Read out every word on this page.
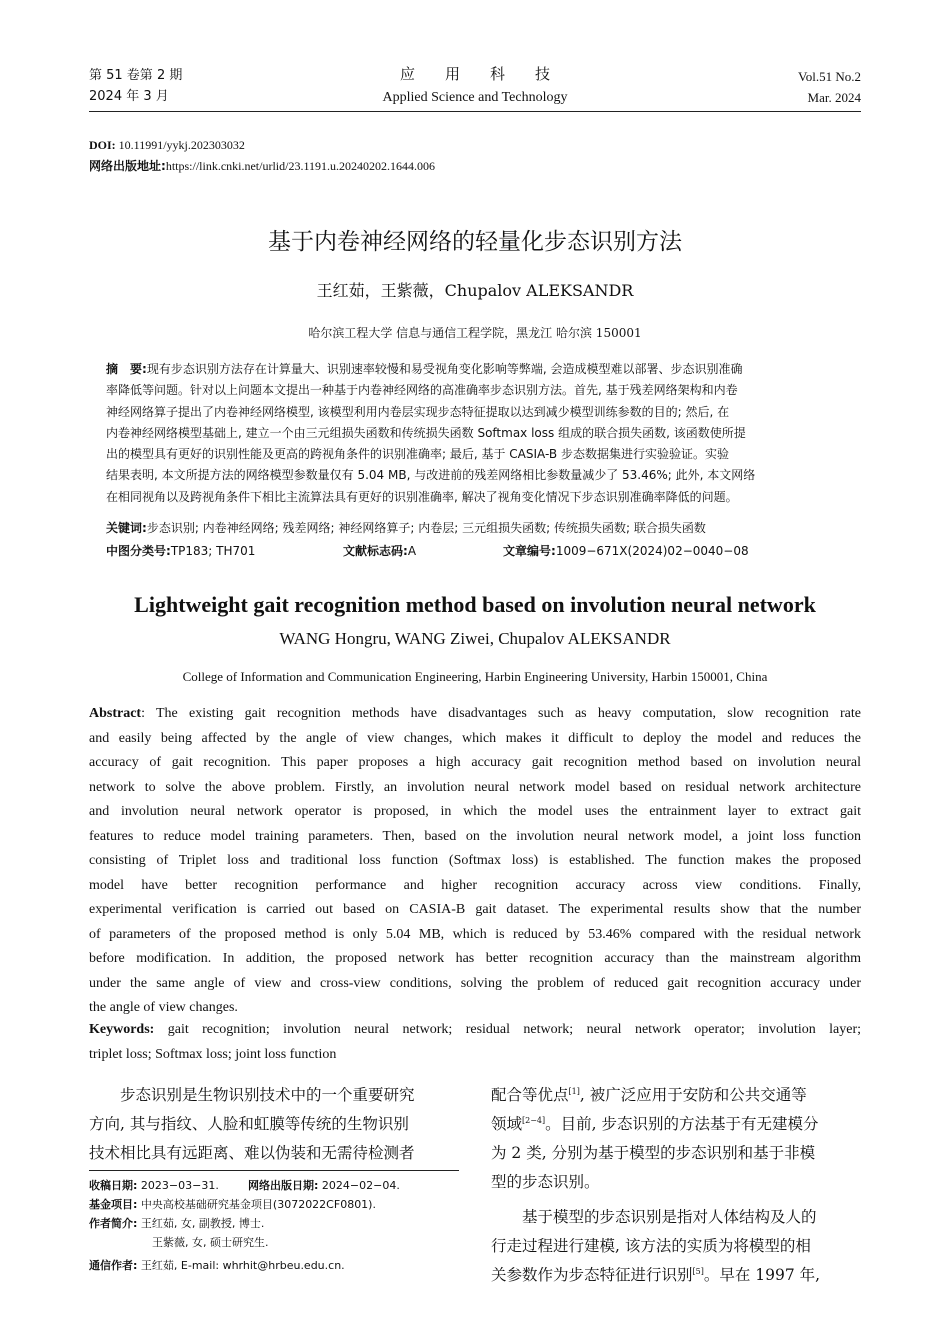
第 51 卷第 2 期
2024 年 3 月
应　　用　　科　　技
Applied Science and Technology
Vol.51 No.2
Mar. 2024
DOI: 10.11991/yykj.202303032
网络出版地址:https://link.cnki.net/urlid/23.1191.u.20240202.1644.006
基于内卷神经网络的轻量化步态识别方法
王红茹，王紫薇，Chupalov ALEKSANDR
哈尔滨工程大学 信息与通信工程学院，黑龙江 哈尔滨 150001
摘　要:现有步态识别方法存在计算量大、识别速率较慢和易受视角变化影响等弊端, 会造成模型难以部署、步态识别准确
率降低等问题。针对以上问题本文提出一种基于内卷神经网络的高准确率步态识别方法。首先, 基于残差网络架构和内卷
神经网络算子提出了内卷神经网络模型, 该模型利用内卷层实现步态特征提取以达到减少模型训练参数的目的; 然后, 在
内卷神经网络模型基础上, 建立一个由三元组损失函数和传统损失函数 Softmax loss 组成的联合损失函数, 该函数使所提
出的模型具有更好的识别性能及更高的跨视角条件的识别准确率; 最后, 基于 CASIA-B 步态数据集进行实验验证。实验
结果表明, 本文所提方法的网络模型参数量仅有 5.04 MB, 与改进前的残差网络相比参数量减少了 53.46%; 此外, 本文网络
在相同视角以及跨视角条件下相比主流算法具有更好的识别准确率, 解决了视角变化情况下步态识别准确率降低的问题。
关键词:步态识别; 内卷神经网络; 残差网络; 神经网络算子; 内卷层; 三元组损失函数; 传统损失函数; 联合损失函数
中图分类号:TP183; TH701	文献标志码:A	文章编号:1009−671X(2024)02−0040−08
Lightweight gait recognition method based on involution neural network
WANG Hongru, WANG Ziwei, Chupalov ALEKSANDR
College of Information and Communication Engineering, Harbin Engineering University, Harbin 150001, China
Abstract: The existing gait recognition methods have disadvantages such as heavy computation, slow recognition rate
and easily being affected by the angle of view changes, which makes it difficult to deploy the model and reduces the
accuracy of gait recognition. This paper proposes a high accuracy gait recognition method based on involution neural
network to solve the above problem. Firstly, an involution neural network model based on residual network architecture
and involution neural network operator is proposed, in which the model uses the entrainment layer to extract gait
features to reduce model training parameters. Then, based on the involution neural network model, a joint loss function
consisting of Triplet loss and traditional loss function (Softmax loss) is established. The function makes the proposed
model have better recognition performance and higher recognition accuracy across view conditions. Finally,
experimental verification is carried out based on CASIA-B gait dataset. The experimental results show that the number
of parameters of the proposed method is only 5.04 MB, which is reduced by 53.46% compared with the residual network
before modification. In addition, the proposed network has better recognition accuracy than the mainstream algorithm
under the same angle of view and cross-view conditions, solving the problem of reduced gait recognition accuracy under
the angle of view changes.
Keywords: gait recognition; involution neural network; residual network; neural network operator; involution layer;
triplet loss; Softmax loss; joint loss function
步态识别是生物识别技术中的一个重要研究
方向, 其与指纹、人脸和虹膜等传统的生物识别
技术相比具有远距离、难以伪装和无需待检测者
收稿日期: 2023−03−31.	网络出版日期: 2024−02−04.
基金项目: 中央高校基础研究基金项目(3072022CF0801).
作者简介: 王红茹, 女, 副教授, 博士.
王紫薇, 女, 硕士研究生.
通信作者: 王红茹, E-mail: whrhit@hrbeu.edu.cn.
配合等优点[1], 被广泛应用于安防和公共交通等
领域[2−4]。目前, 步态识别的方法基于有无建模分
为 2 类, 分别为基于模型的步态识别和基于非模
型的步态识别。
基于模型的步态识别是指对人体结构及人的
行走过程进行建模, 该方法的实质为将模型的相
关参数作为步态特征进行识别[5]。早在 1997 年,
